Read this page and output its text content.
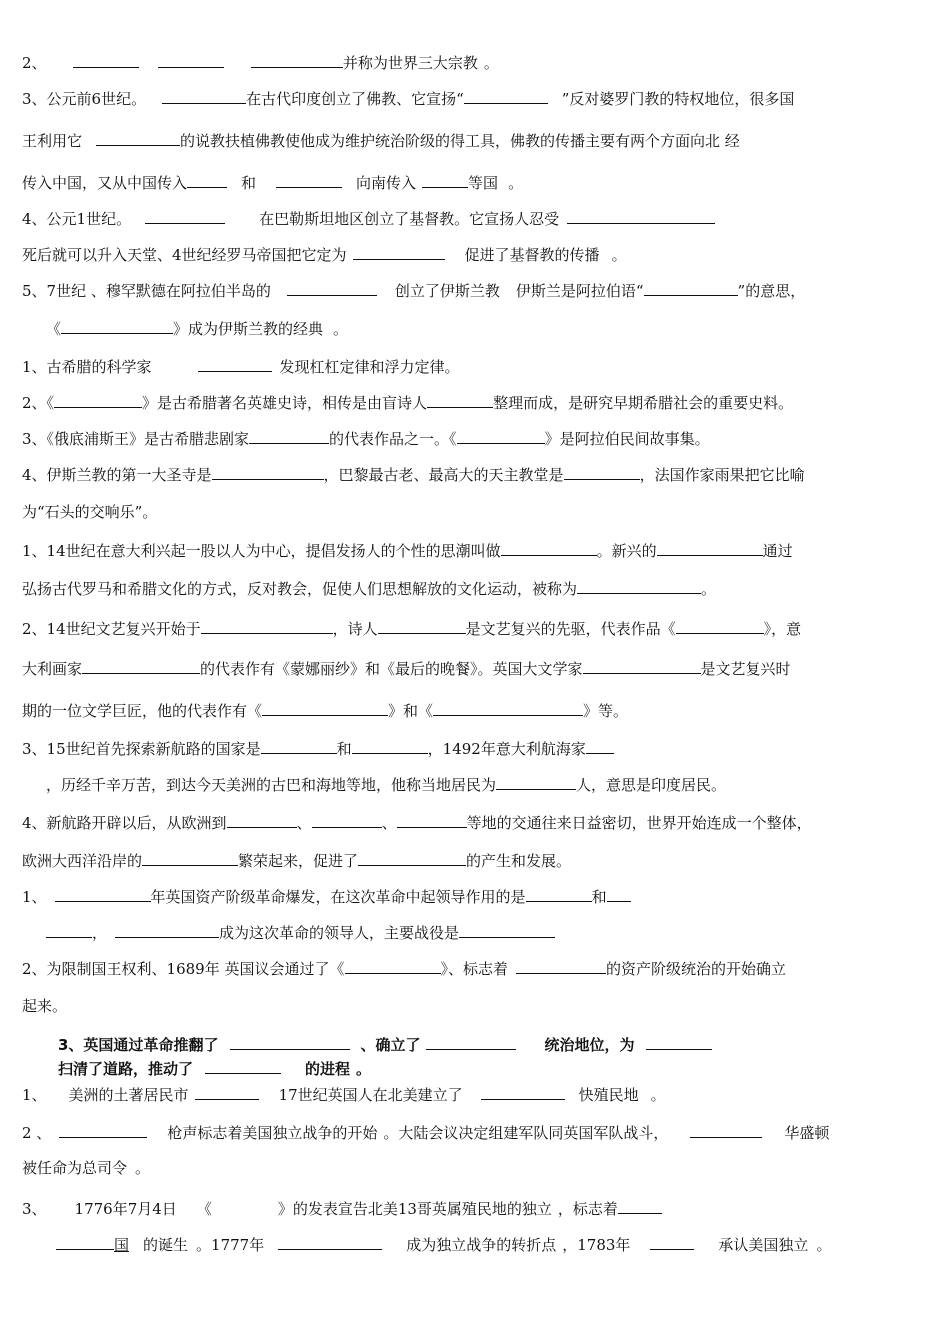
2、	并称为世界三大宗教 。
3、公元前6世纪。	在古代印度创立了佛教、它宣扬“	”反对婆罗门教的特权地位，很多国
王利用它	的说教扶植佛教使他成为维护统治阶级的得工具，佛教的传播主要有两个方面向北 经
传入中国，又从中国传入	和	向南传入	等国 。
4、公元1世纪。	在巴勒斯坦地区创立了基督教。它宣扬人忍受
死后就可以升入天堂、4世纪经罗马帝国把它定为	促进了基督教的传播 。
5、7世纪 、穆罕默德在阿拉伯半岛的	创立了伊斯兰教 伊斯兰是阿拉伯语“	”的意思，
《	》成为伊斯兰教的经典 。
1、古希腊的科学家	发现杠杠定律和浮力定律。
2、《	》是古希腊著名英雄史诗，相传是由盲诗人	整理而成，是研究早期希腊社会的重要史料。
3、《俄底浦斯王》是古希腊悲剧家	的代表作品之一。《	》是阿拉伯民间故事集。
4、伊斯兰教的第一大圣寺是	，巴黎最古老、最高大的天主教堂是	，法国作家雨果把它比喻
为“石头的交响乐”。
1、14世纪在意大利兴起一股以人为中心，提倡发扬人的个性的思潮叫做	。新兴的	通过
弘扬古代罗马和希腊文化的方式，反对教会，促使人们思想解放的文化运动，被称为	。
2、14世纪文艺复兴开始于	，诗人	是文艺复兴的先驱，代表作品《	》，意
大利画家	的代表作有《蒙娜丽纱》和《最后的晚餐》。英国大文学家	是文艺复兴时
期的一位文学巨匠，他的代表作有《	》和《	》等。
3、15世纪首先探索新航路的国家是	和	，1492年意大利航海家
，历经千辛万苦，到达今天美洲的古巴和海地等地，他称当地居民为	人，意思是印度居民。
4、新航路开辟以后，从欧洲到	、	、	等地的交通往来日益密切，世界开始连成一个整体，
欧洲大西洋沿岸的	繁荣起来，促进了	的产生和发展。
1、	年英国资产阶级革命爆发，在这次革命中起领导作用的是	和
，	成为这次革命的领导人，主要战役是
2、为限制国王权利、1689年 英国议会通过了《	》、标志着	的资产阶级统治的开始确立
起来。
3、英国通过革命推翻了	、确立了	统治地位，为
扫清了道路，推动了	的进程 。
1、 美洲的土著居民市	17世纪英国人在北美建立了	快殖民地 。
2 、	枪声标志着美国独立战争的开始 。大陆会议决定组建军队同英国军队战斗，	华盛顿
被任命为总司令 。
3、 1776年7月4日 《	》的发表宣告北美13哥英属殖民地的独立 ，标志着
国 的诞生 。1777年	成为独立战争的转折点 ，1783年	承认美国独立 。
